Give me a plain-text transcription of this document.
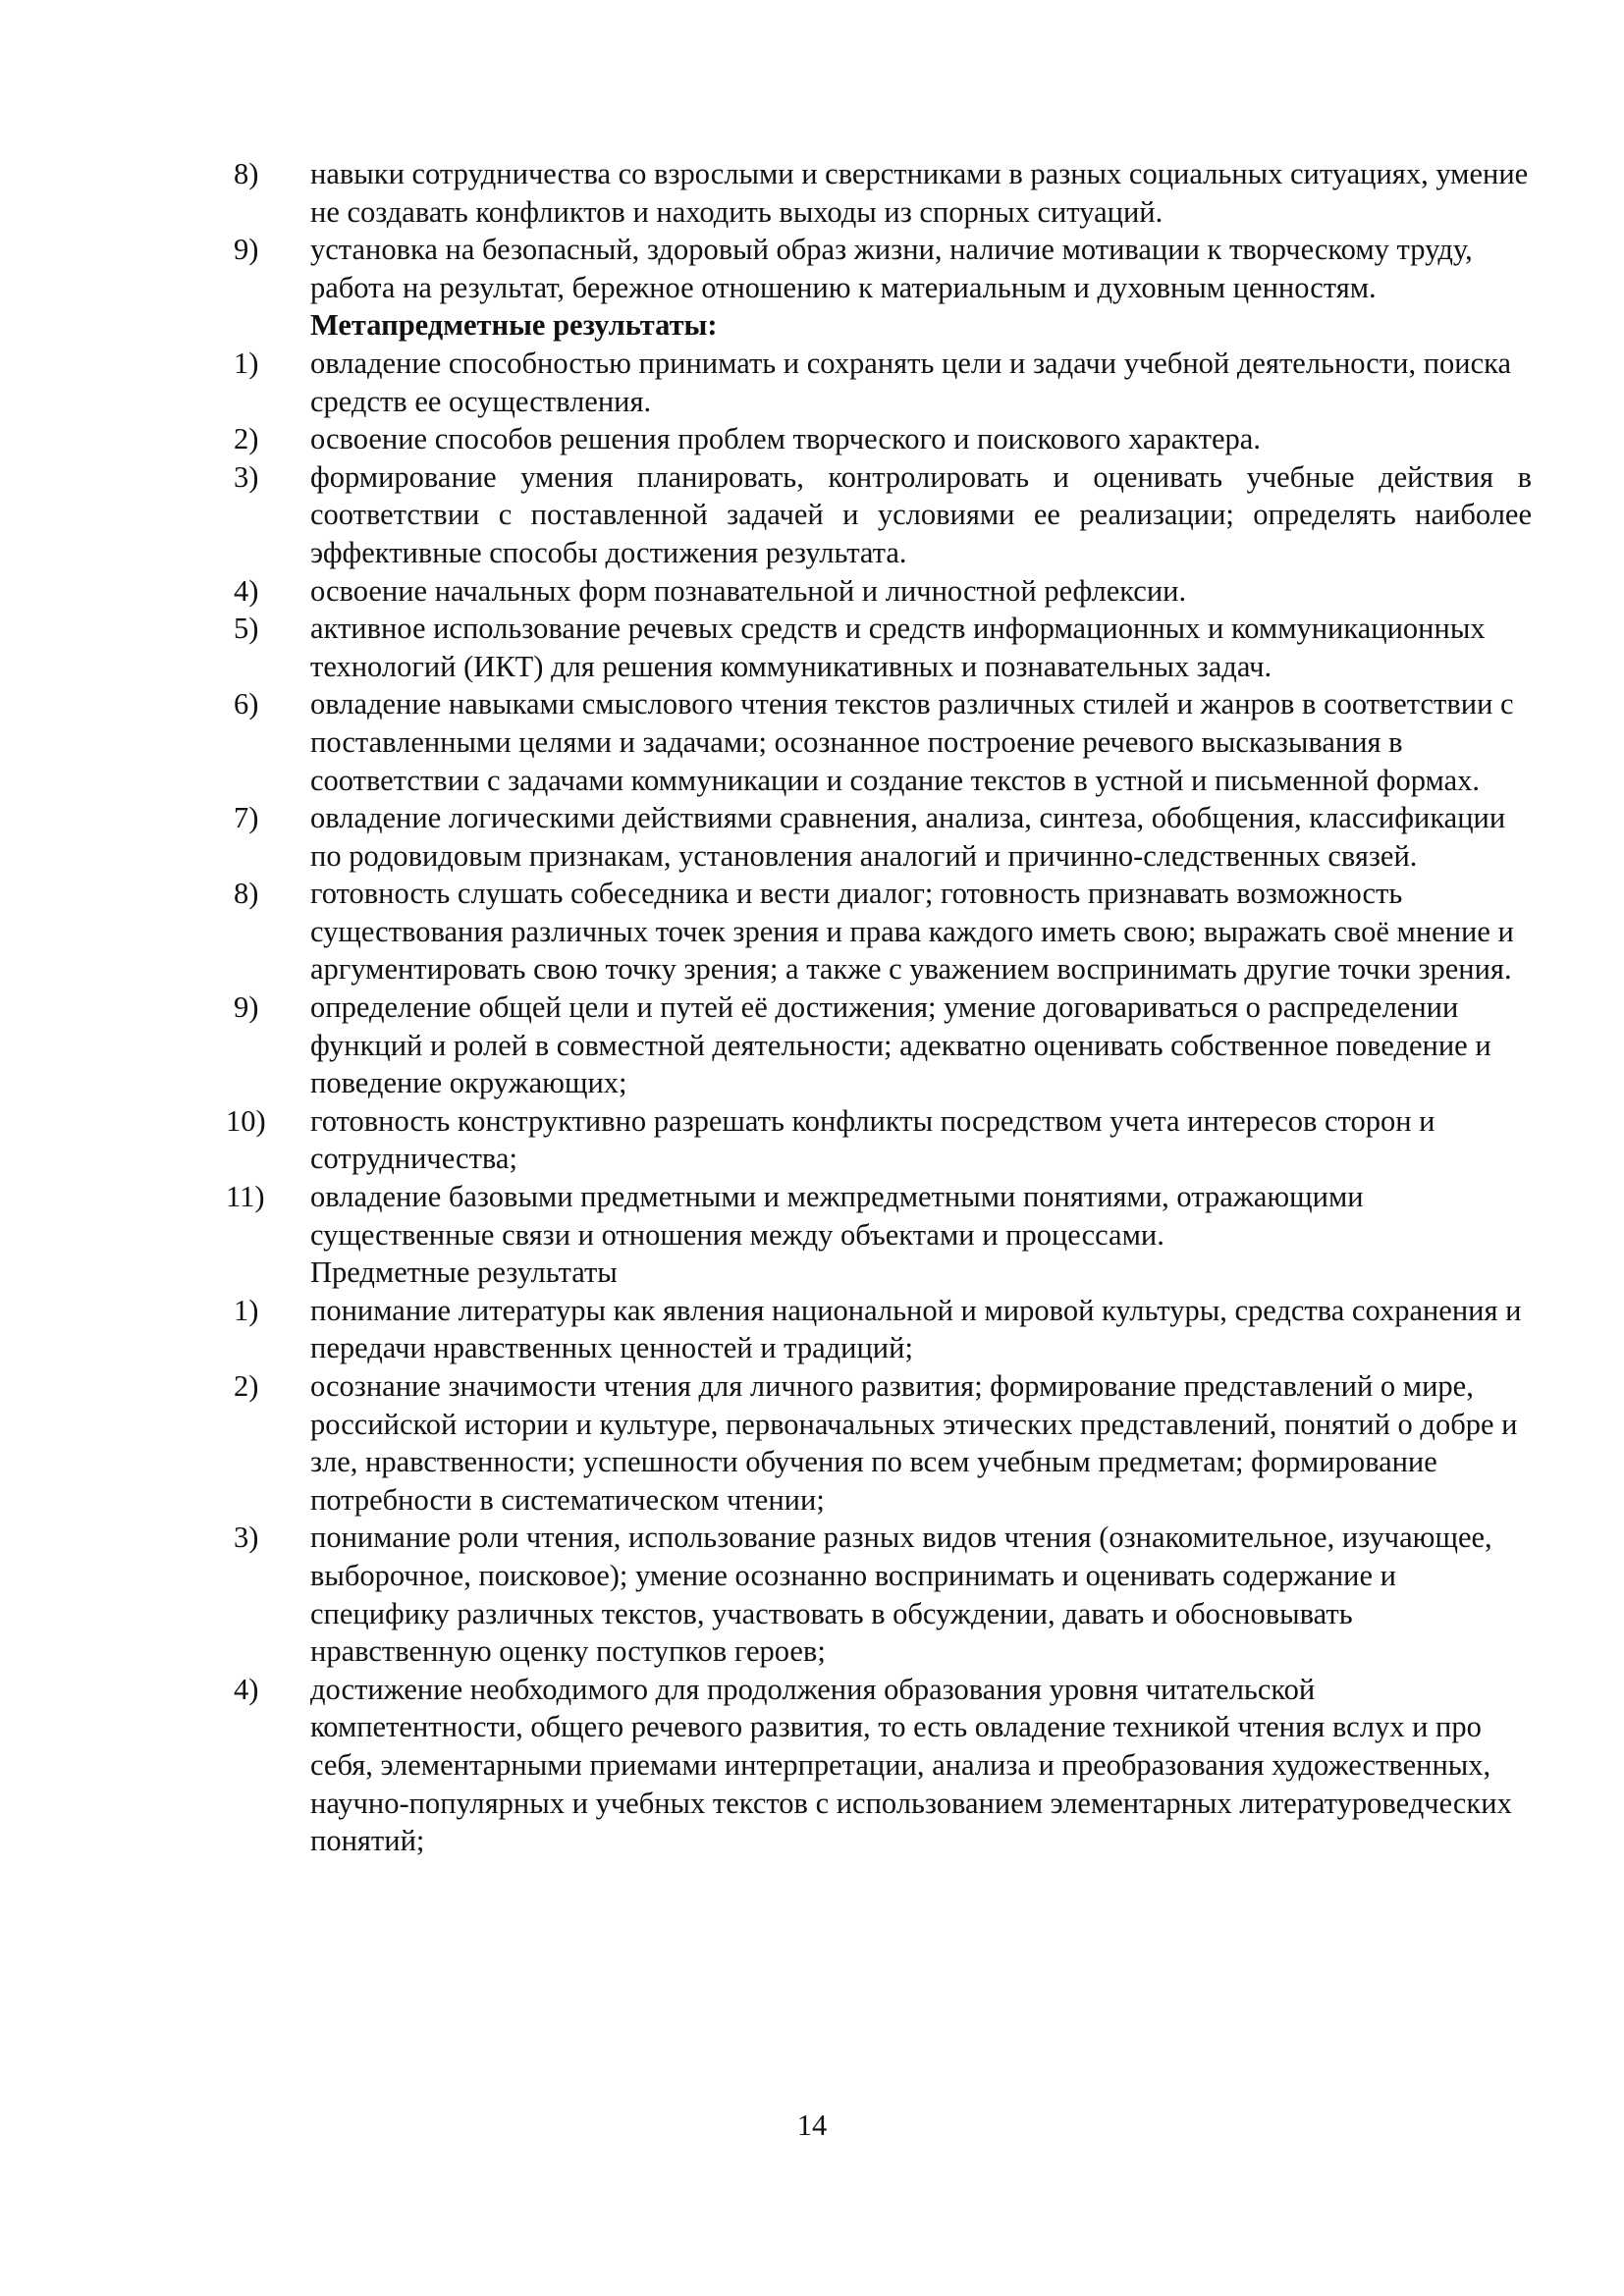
8)	навыки сотрудничества со взрослыми и сверстниками в разных социальных ситуациях, умение не создавать конфликтов и находить выходы из спорных ситуаций.
9)	установка на безопасный, здоровый образ жизни, наличие мотивации к творческому труду, работа на результат, бережное отношению к материальным и духовным ценностям.
Метапредметные результаты:
1)	овладение способностью принимать и сохранять цели и задачи учебной деятельности, поиска средств ее осуществления.
2)	освоение способов решения проблем творческого и поискового характера.
3)	формирование умения планировать, контролировать и оценивать учебные действия в соответствии с поставленной задачей и условиями ее реализации; определять наиболее эффективные способы достижения результата.
4)	освоение начальных форм познавательной и личностной рефлексии.
5)	активное использование речевых средств и средств информационных и коммуникационных технологий (ИКТ) для решения коммуникативных и познавательных задач.
6)	овладение навыками смыслового чтения текстов различных стилей и жанров в соответствии с поставленными целями и задачами; осознанное построение речевого высказывания в соответствии с задачами коммуникации и создание текстов в устной и письменной формах.
7)	овладение логическими действиями сравнения, анализа, синтеза, обобщения, классификации по родовидовым признакам, установления аналогий и причинно-следственных связей.
8)	готовность слушать собеседника и вести диалог; готовность признавать возможность существования различных точек зрения и права каждого иметь свою; выражать своё мнение и аргументировать свою точку зрения; а также с уважением воспринимать другие точки зрения.
9)	определение общей цели и путей её достижения; умение договариваться о распределении функций и ролей в совместной деятельности; адекватно оценивать собственное поведение и поведение окружающих;
10)	готовность конструктивно разрешать конфликты посредством учета интересов сторон и сотрудничества;
11)	овладение базовыми предметными и межпредметными понятиями, отражающими существенные связи и отношения между объектами и процессами.
Предметные результаты
1)	понимание литературы как явления национальной и мировой культуры, средства сохранения и передачи нравственных ценностей и традиций;
2)	осознание значимости чтения для личного развития; формирование представлений о мире, российской истории и культуре, первоначальных этических представлений, понятий о добре и зле, нравственности; успешности обучения по всем учебным предметам; формирование потребности в систематическом чтении;
3)	понимание роли чтения, использование разных видов чтения (ознакомительное, изучающее, выборочное, поисковое); умение осознанно воспринимать и оценивать содержание и специфику различных текстов, участвовать в обсуждении, давать и обосновывать нравственную оценку поступков героев;
4)	достижение необходимого для продолжения образования уровня читательской компетентности, общего речевого развития, то есть овладение техникой чтения вслух и про себя, элементарными приемами интерпретации, анализа и преобразования художественных, научно-популярных и учебных текстов с использованием элементарных литературоведческих понятий;
14
